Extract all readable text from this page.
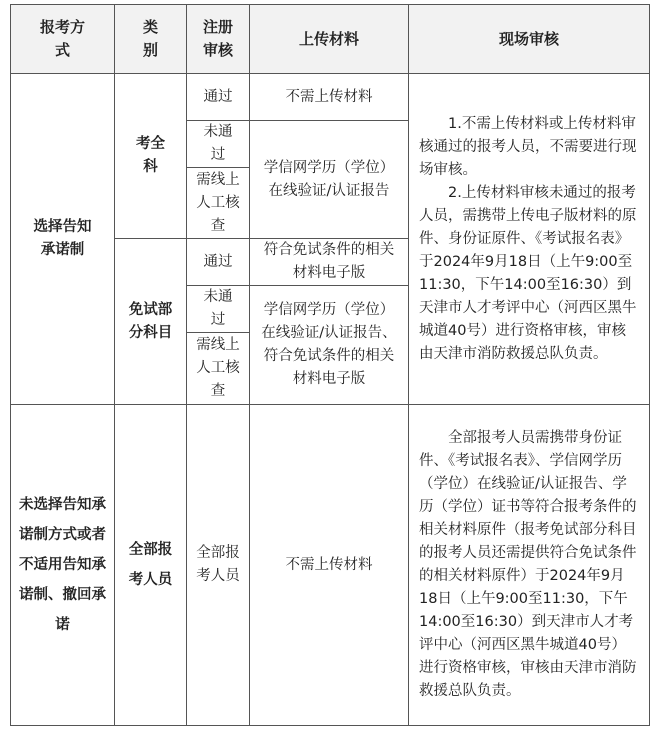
报考方式
类别
注册审核
上传材料	现场审核
选择告知承诺制
考全科
通过
未通过
需线上人工核查
不需上传材料
学信网学历（学位）在线验证/认证报告
免试部分科目
通过
未通过
需线上人工核查
符合免试条件的相关材料电子版
学信网学历（学位）在线验证/认证报告、符合免试条件的相关材料电子版
1.不需上传材料或上传材料审核通过的报考人员，不需要进行现场审核。
2.上传材料审核未通过的报考人员，需携带上传电子版材料的原件、身份证原件、《考试报名表》于2024年9月18日（上午9:00至11:30，下午14:00至16:30）到天津市人才考评中心（河西区黑牛城道40号）进行资格审核，审核由天津市消防救援总队负责。
未选择告知承诺制方式或者不适用告知承诺制、撤回承诺
全部报考人员
全部报考人员
不需上传材料
全部报考人员需携带身份证件、《考试报名表》、学信网学历（学位）在线验证/认证报告、学历（学位）证书等符合报考条件的相关材料原件（报考免试部分科目的报考人员还需提供符合免试条件的相关材料原件）于2024年9月18日（上午9:00至11:30，下午14:00至16:30）到天津市人才考评中心（河西区黑牛城道40号）进行资格审核，审核由天津市消防救援总队负责。
